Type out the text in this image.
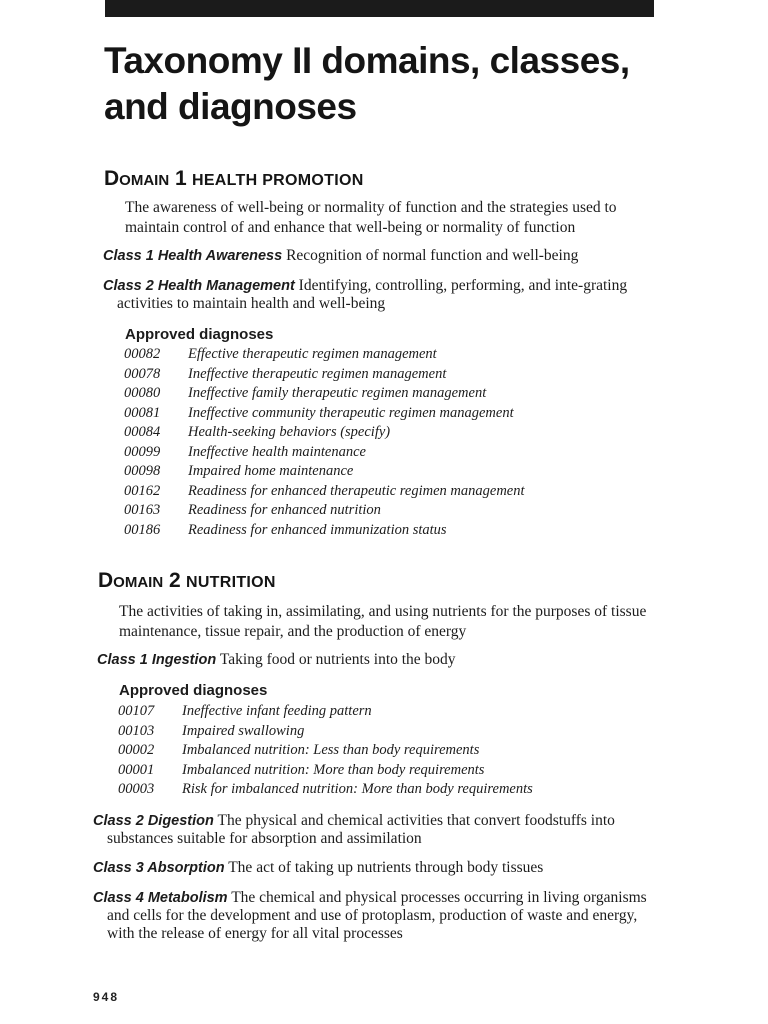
Taxonomy II domains, classes,
and diagnoses
Domain 1 HEALTH PROMOTION

The awareness of well-being or normality of function and the strategies used to maintain control of and enhance that well-being or normality of function

Class 1 Health Awareness Recognition of normal function and well-being

Class 2 Health Management Identifying, controlling, performing, and inte-grating activities to maintain health and well-being

Approved diagnoses

00082 Effective therapeutic regimen management
00078 Ineffective therapeutic regimen management
00080 Ineffective family therapeutic regimen management
00081 Ineffective community therapeutic regimen management
00084 Health-seeking behaviors (specify)
00099 Ineffective health maintenance
00098 Impaired home maintenance
00162 Readiness for enhanced therapeutic regimen management
00163 Readiness for enhanced nutrition
00186 Readiness for enhanced immunization status
Domain 2 NUTRITION

The activities of taking in, assimilating, and using nutrients for the purposes of tissue maintenance, tissue repair, and the production of energy

Class 1 Ingestion Taking food or nutrients into the body

Approved diagnoses

00107 Ineffective infant feeding pattern
00103 Impaired swallowing
00002 Imbalanced nutrition: Less than body requirements
00001 Imbalanced nutrition: More than body requirements
00003 Risk for imbalanced nutrition: More than body requirements

Class 2 Digestion The physical and chemical activities that convert foodstuffs into substances suitable for absorption and assimilation

Class 3 Absorption The act of taking up nutrients through body tissues

Class 4 Metabolism The chemical and physical processes occurring in living organisms and cells for the development and use of protoplasm, production of waste and energy, with the release of energy for all vital processes

948
